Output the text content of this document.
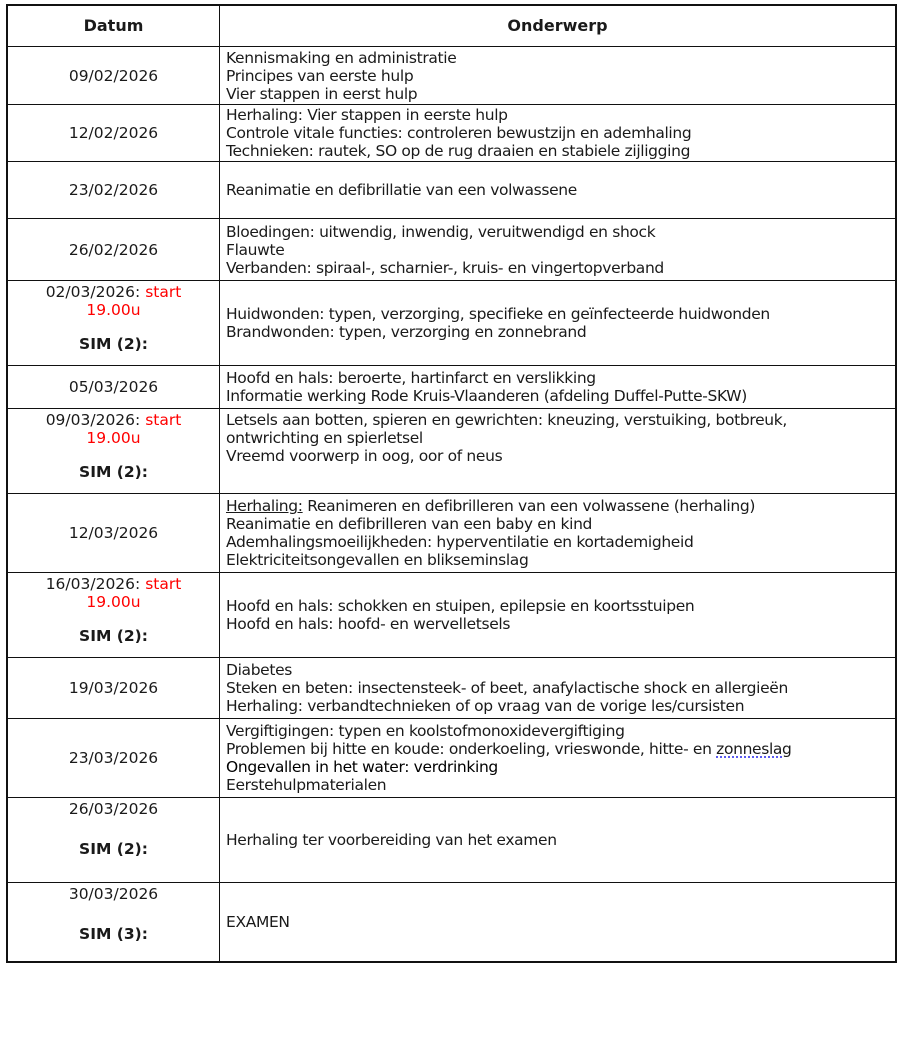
Datum	Onderwerp
09/02/2026	Kennismaking en administratie
Principes van eerste hulp
Vier stappen in eerst hulp

12/02/2026	Herhaling: Vier stappen in eerste hulp
Controle vitale functies: controleren bewustzijn en ademhaling
Technieken: rautek, SO op de rug draaien en stabiele zijligging

23/02/2026	Reanimatie en defibrillatie van een volwassene

26/02/2026	Bloedingen: uitwendig, inwendig, veruitwendigd en shock
Flauwte
Verbanden: spiraal-, scharnier-, kruis- en vingertopverband

02/03/2026: start
19.00u
SIM (2):	Huidwonden: typen, verzorging, specifieke en geïnfecteerde huidwonden
Brandwonden: typen, verzorging en zonnebrand

05/03/2026	Hoofd en hals: beroerte, hartinfarct en verslikking
Informatie werking Rode Kruis-Vlaanderen (afdeling Duffel-Putte-SKW)

09/03/2026: start
19.00u
SIM (2):	Letsels aan botten, spieren en gewrichten: kneuzing, verstuiking, botbreuk,
ontwrichting en spierletsel
Vreemd voorwerp in oog, oor of neus

12/03/2026	Herhaling: Reanimeren en defibrilleren van een volwassene (herhaling)
Reanimatie en defibrilleren van een baby en kind
Ademhalingsmoeilijkheden: hyperventilatie en kortademigheid
Elektriciteitsongevallen en blikseminslag

16/03/2026: start
19.00u
SIM (2):	Hoofd en hals: schokken en stuipen, epilepsie en koortsstuipen
Hoofd en hals: hoofd- en wervelletsels

19/03/2026	Diabetes
Steken en beten: insectensteek- of beet, anafylactische shock en allergieën
Herhaling: verbandtechnieken of op vraag van de vorige les/cursisten

23/03/2026	Vergiftigingen: typen en koolstofmonoxidevergiftiging
Problemen bij hitte en koude: onderkoeling, vrieswonde, hitte- en zonneslag
Ongevallen in het water: verdrinking
Eerstehulpmaterialen

26/03/2026
SIM (2):	Herhaling ter voorbereiding van het examen

30/03/2026
SIM (3):	EXAMEN
